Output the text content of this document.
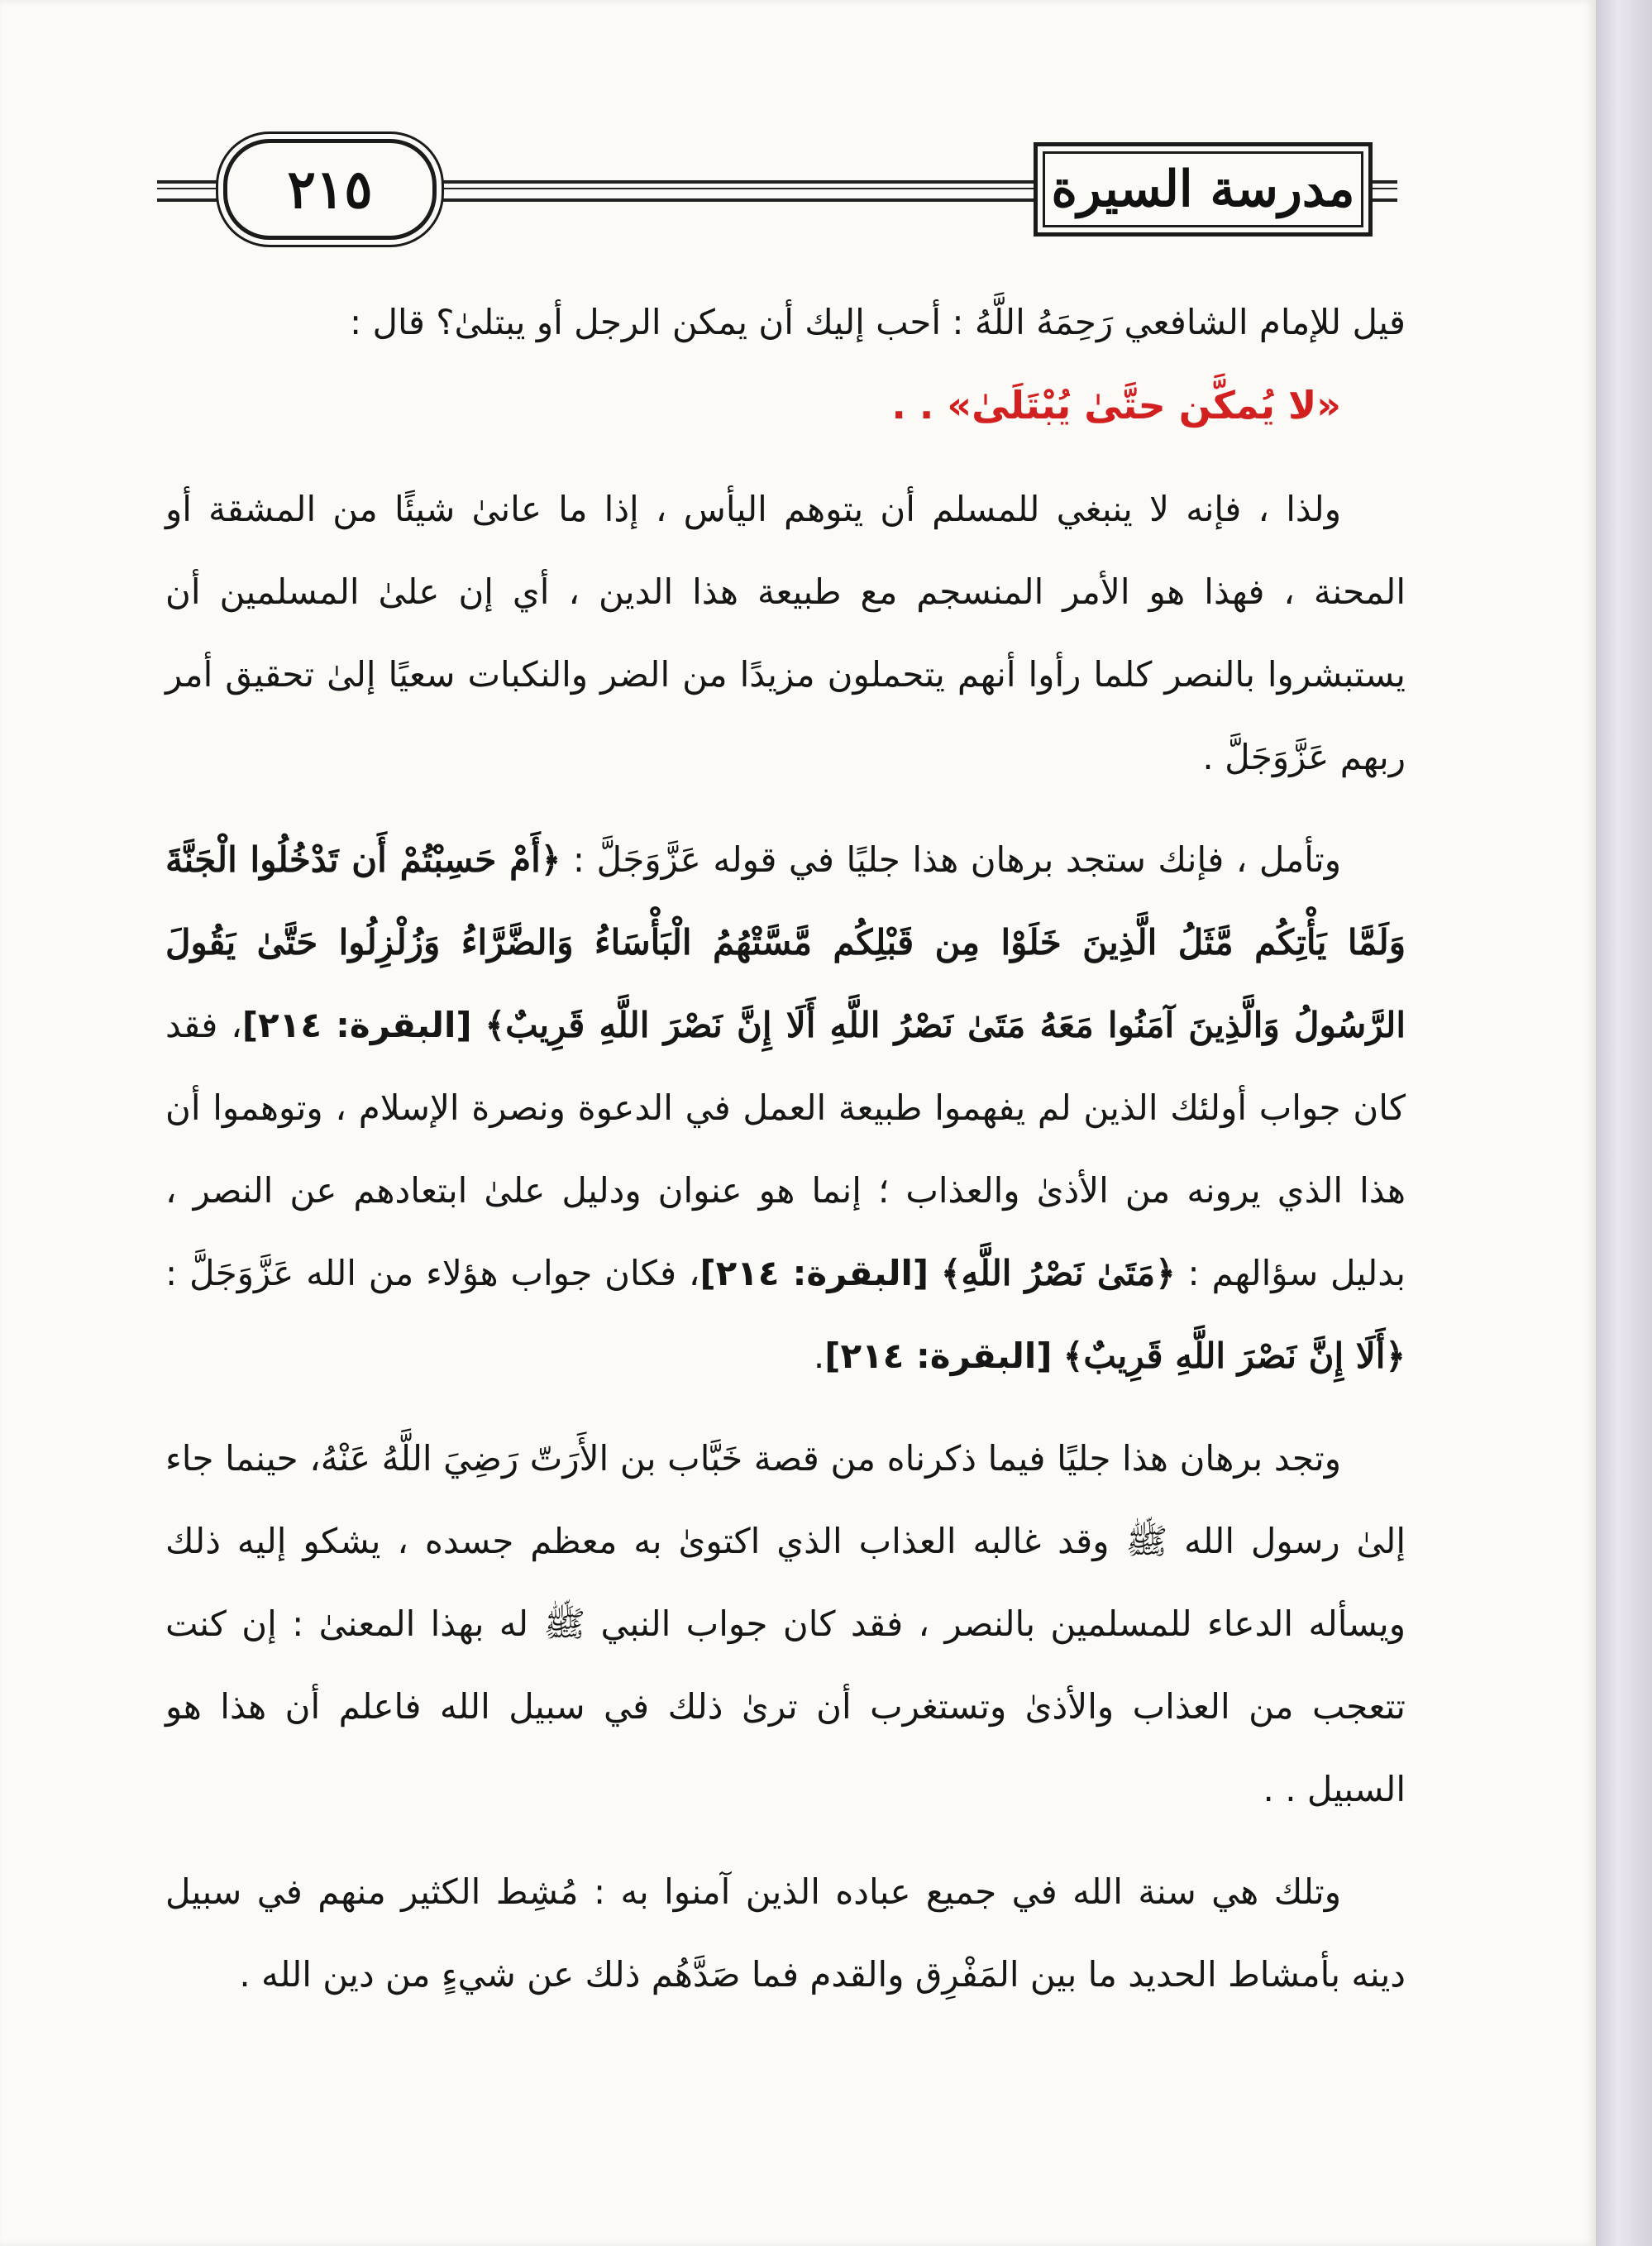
٢١٥	مدرسة السيرة

قيل للإمام الشافعي رَحِمَهُ اللَّهُ : أحب إليك أن يمكن الرجل أو يبتلىٰ؟ قال :

«لا يُمكَّن حتَّىٰ يُبْتَلَىٰ» . .

ولذا ، فإنه لا ينبغي للمسلم أن يتوهم اليأس ، إذا ما عانىٰ شيئًا من المشقة أو المحنة ، فهذا هو الأمر المنسجم مع طبيعة هذا الدين ، أي إن علىٰ المسلمين أن يستبشروا بالنصر كلما رأوا أنهم يتحملون مزيدًا من الضر والنكبات سعيًا إلىٰ تحقيق أمر ربهم عَزَّوَجَلَّ .

وتأمل ، فإنك ستجد برهان هذا جليًا في قوله عَزَّوَجَلَّ : ﴿أَمْ حَسِبْتُمْ أَن تَدْخُلُوا الْجَنَّةَ وَلَمَّا يَأْتِكُم مَّثَلُ الَّذِينَ خَلَوْا مِن قَبْلِكُم مَّسَّتْهُمُ الْبَأْسَاءُ وَالضَّرَّاءُ وَزُلْزِلُوا حَتَّىٰ يَقُولَ الرَّسُولُ وَالَّذِينَ آمَنُوا مَعَهُ مَتَىٰ نَصْرُ اللَّهِ أَلَا إِنَّ نَصْرَ اللَّهِ قَرِيبٌ﴾ [البقرة: ٢١٤]، فقد كان جواب أولئك الذين لم يفهموا طبيعة العمل في الدعوة ونصرة الإسلام ، وتوهموا أن هذا الذي يرونه من الأذىٰ والعذاب ؛ إنما هو عنوان ودليل علىٰ ابتعادهم عن النصر ، بدليل سؤالهم : ﴿مَتَىٰ نَصْرُ اللَّهِ﴾ [البقرة: ٢١٤]، فكان جواب هؤلاء من الله عَزَّوَجَلَّ : ﴿أَلَا إِنَّ نَصْرَ اللَّهِ قَرِيبٌ﴾ [البقرة: ٢١٤].

وتجد برهان هذا جليًا فيما ذكرناه من قصة خَبَّاب بن الأَرَتّ رَضِيَ اللَّهُ عَنْهُ، حينما جاء إلىٰ رسول الله ﷺ وقد غالبه العذاب الذي اكتوىٰ به معظم جسده ، يشكو إليه ذلك ويسأله الدعاء للمسلمين بالنصر ، فقد كان جواب النبي ﷺ له بهذا المعنىٰ : إن كنت تتعجب من العذاب والأذىٰ وتستغرب أن ترىٰ ذلك في سبيل الله فاعلم أن هذا هو السبيل . .

وتلك هي سنة الله في جميع عباده الذين آمنوا به : مُشِط الكثير منهم في سبيل دينه بأمشاط الحديد ما بين المَفْرِق والقدم فما صَدَّهُم ذلك عن شيءٍ من دين الله .
